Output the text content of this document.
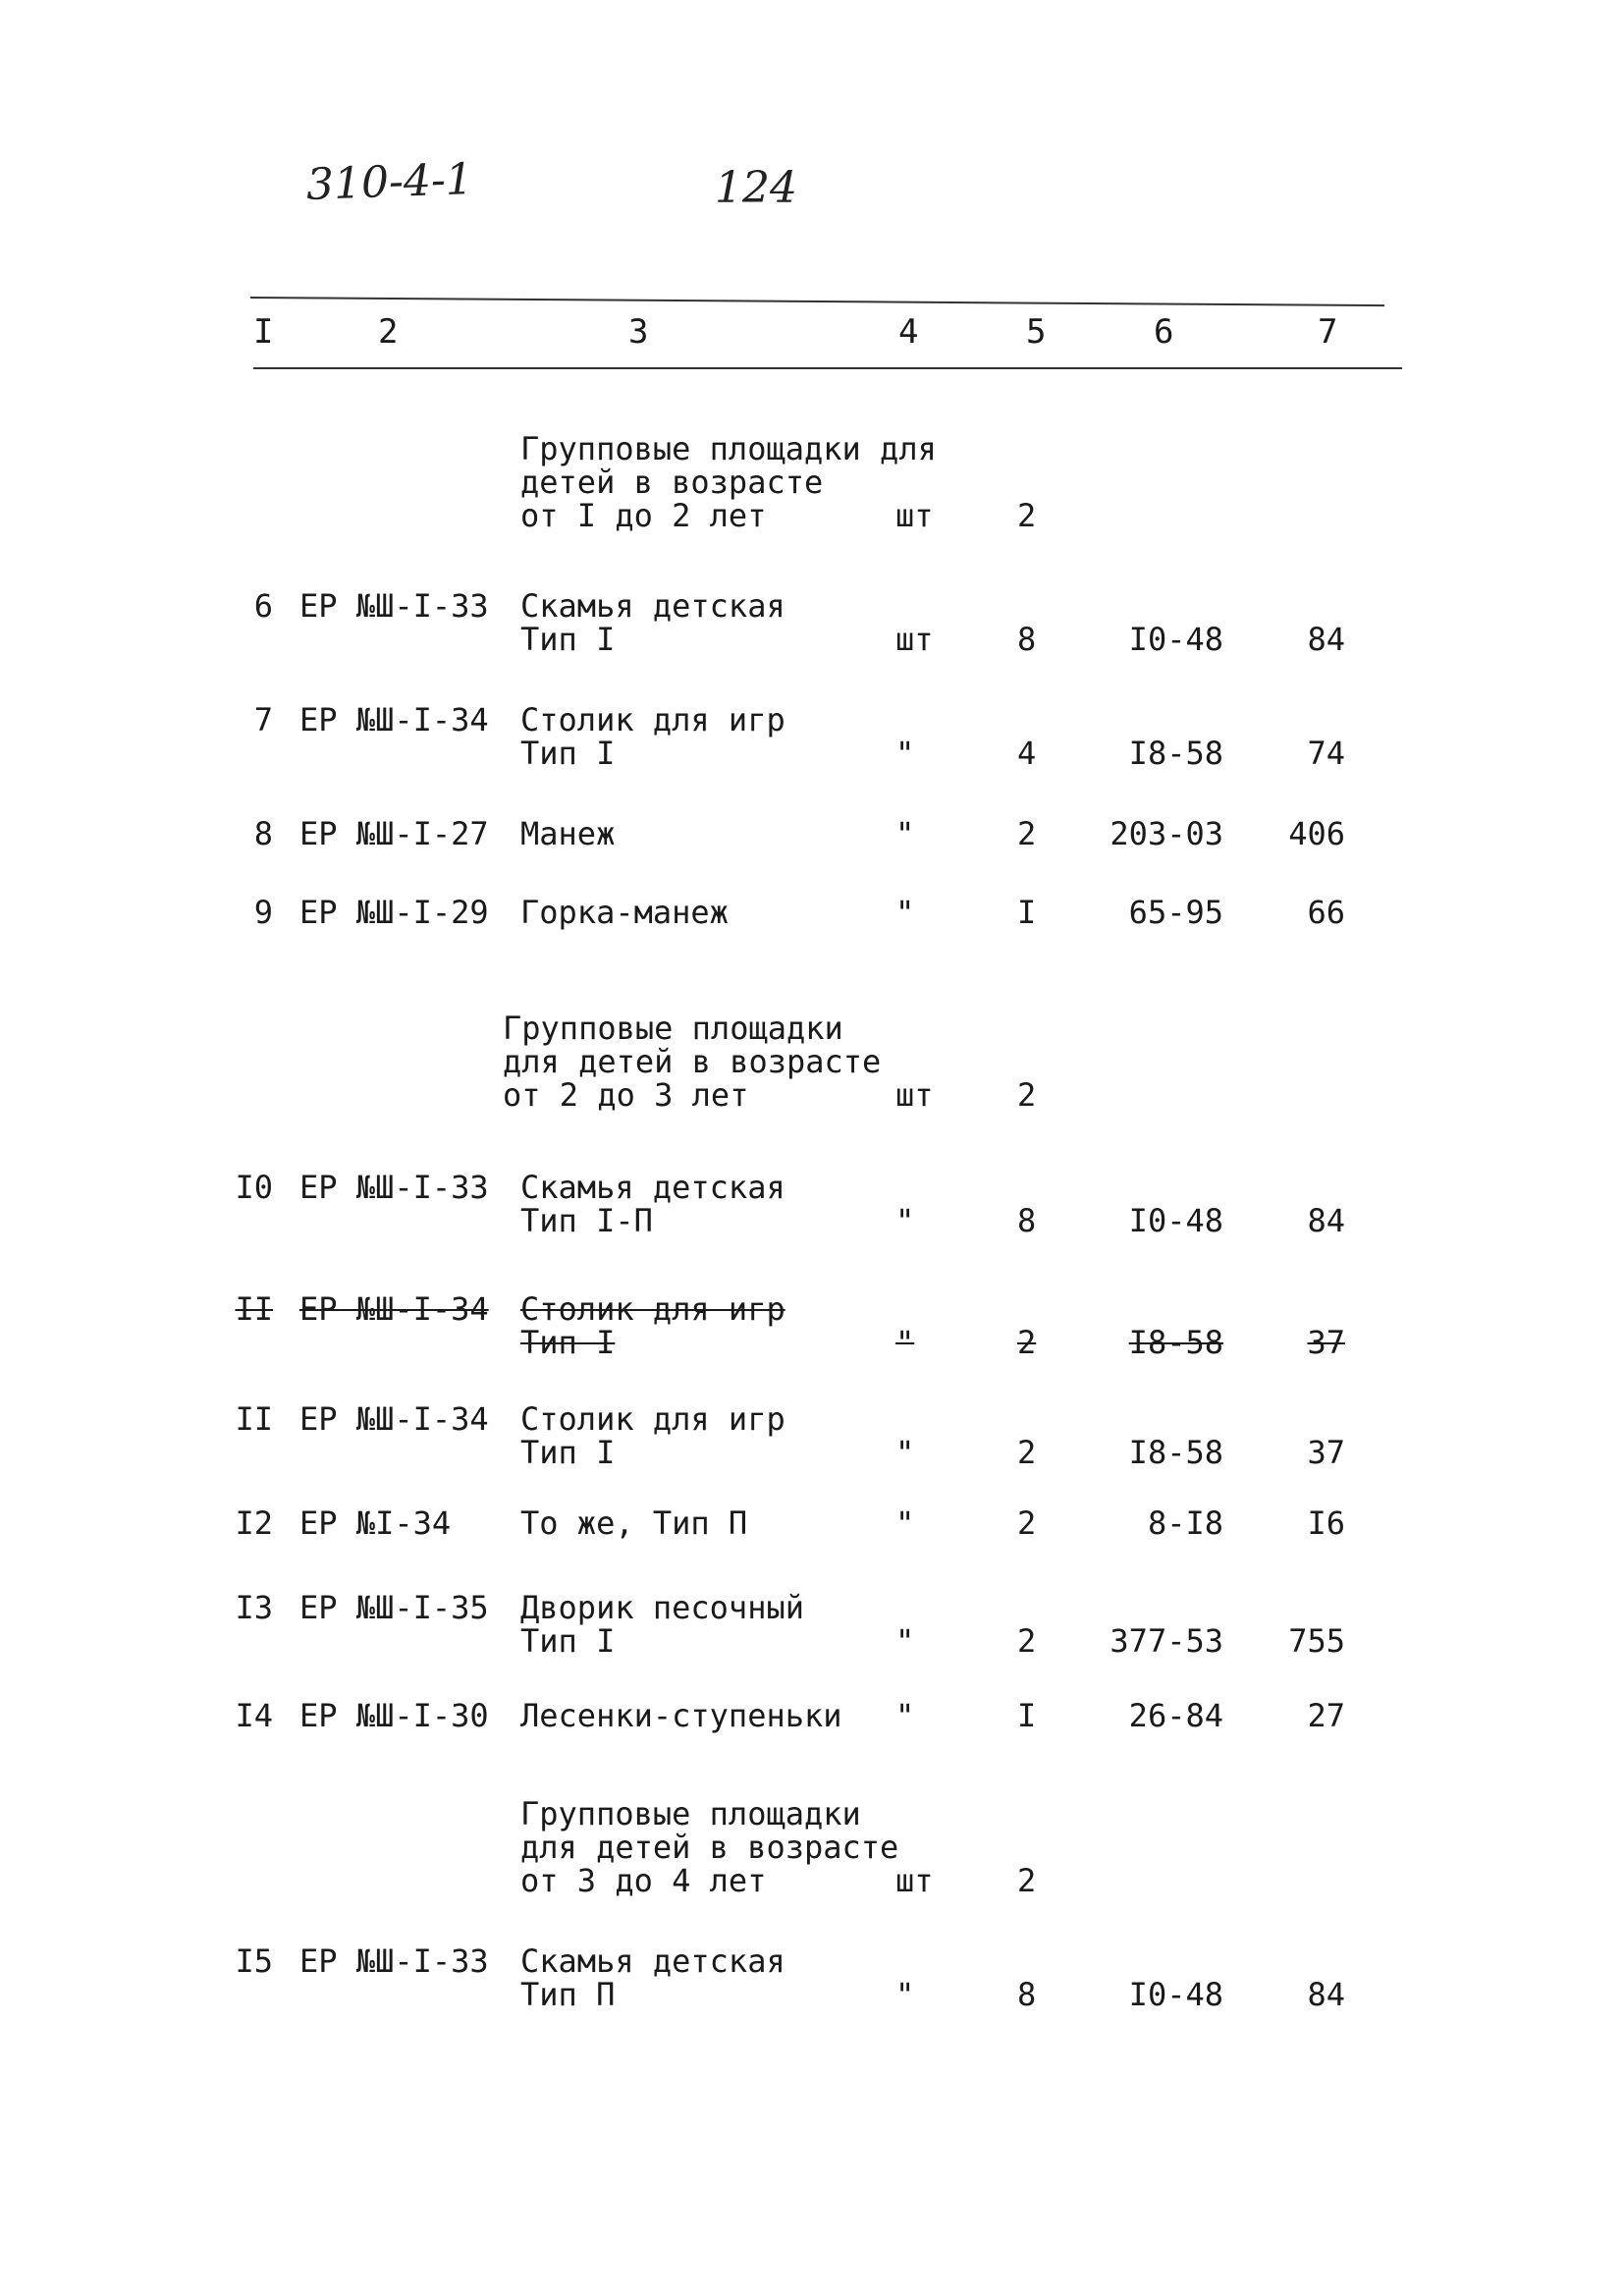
310-4-1	124
I	2	3	4	5	6	7
Групповые площадки для
детей в возрасте
от I до 2 лет	шт	2
6 ЕР №Ш-I-33 Скамья детская
Тип I	шт	8	I0-48	84
7 ЕР №Ш-I-34 Столик для игр
Тип I	"	4	I8-58	74
8 ЕР №Ш-I-27 Манеж	"	2	203-03	406
9 ЕР №Ш-I-29 Горка-манеж	"	I	65-95	66
Групповые площадки
для детей в возрасте
от 2 до 3 лет	шт	2
I0 ЕР №Ш-I-33 Скамья детская
Тип I-П	"	8	I0-48	84
II ЕР №Ш-I-34 Столик для игр
Тип I	"	2	I8-58	37
II ЕР №Ш-I-34 Столик для игр
Тип I	"	2	I8-58	37
I2 ЕР №I-34	То же, Тип П	"	2	8-I8	I6
I3 ЕР №Ш-I-35 Дворик песочный
Тип I	"	2	377-53	755
I4 ЕР №Ш-I-30 Лесенки-ступеньки	"	I	26-84	27
Групповые площадки
для детей в возрасте
от 3 до 4 лет	шт	2
I5 ЕР №Ш-I-33 Скамья детская
Тип П	"	8	I0-48	84
